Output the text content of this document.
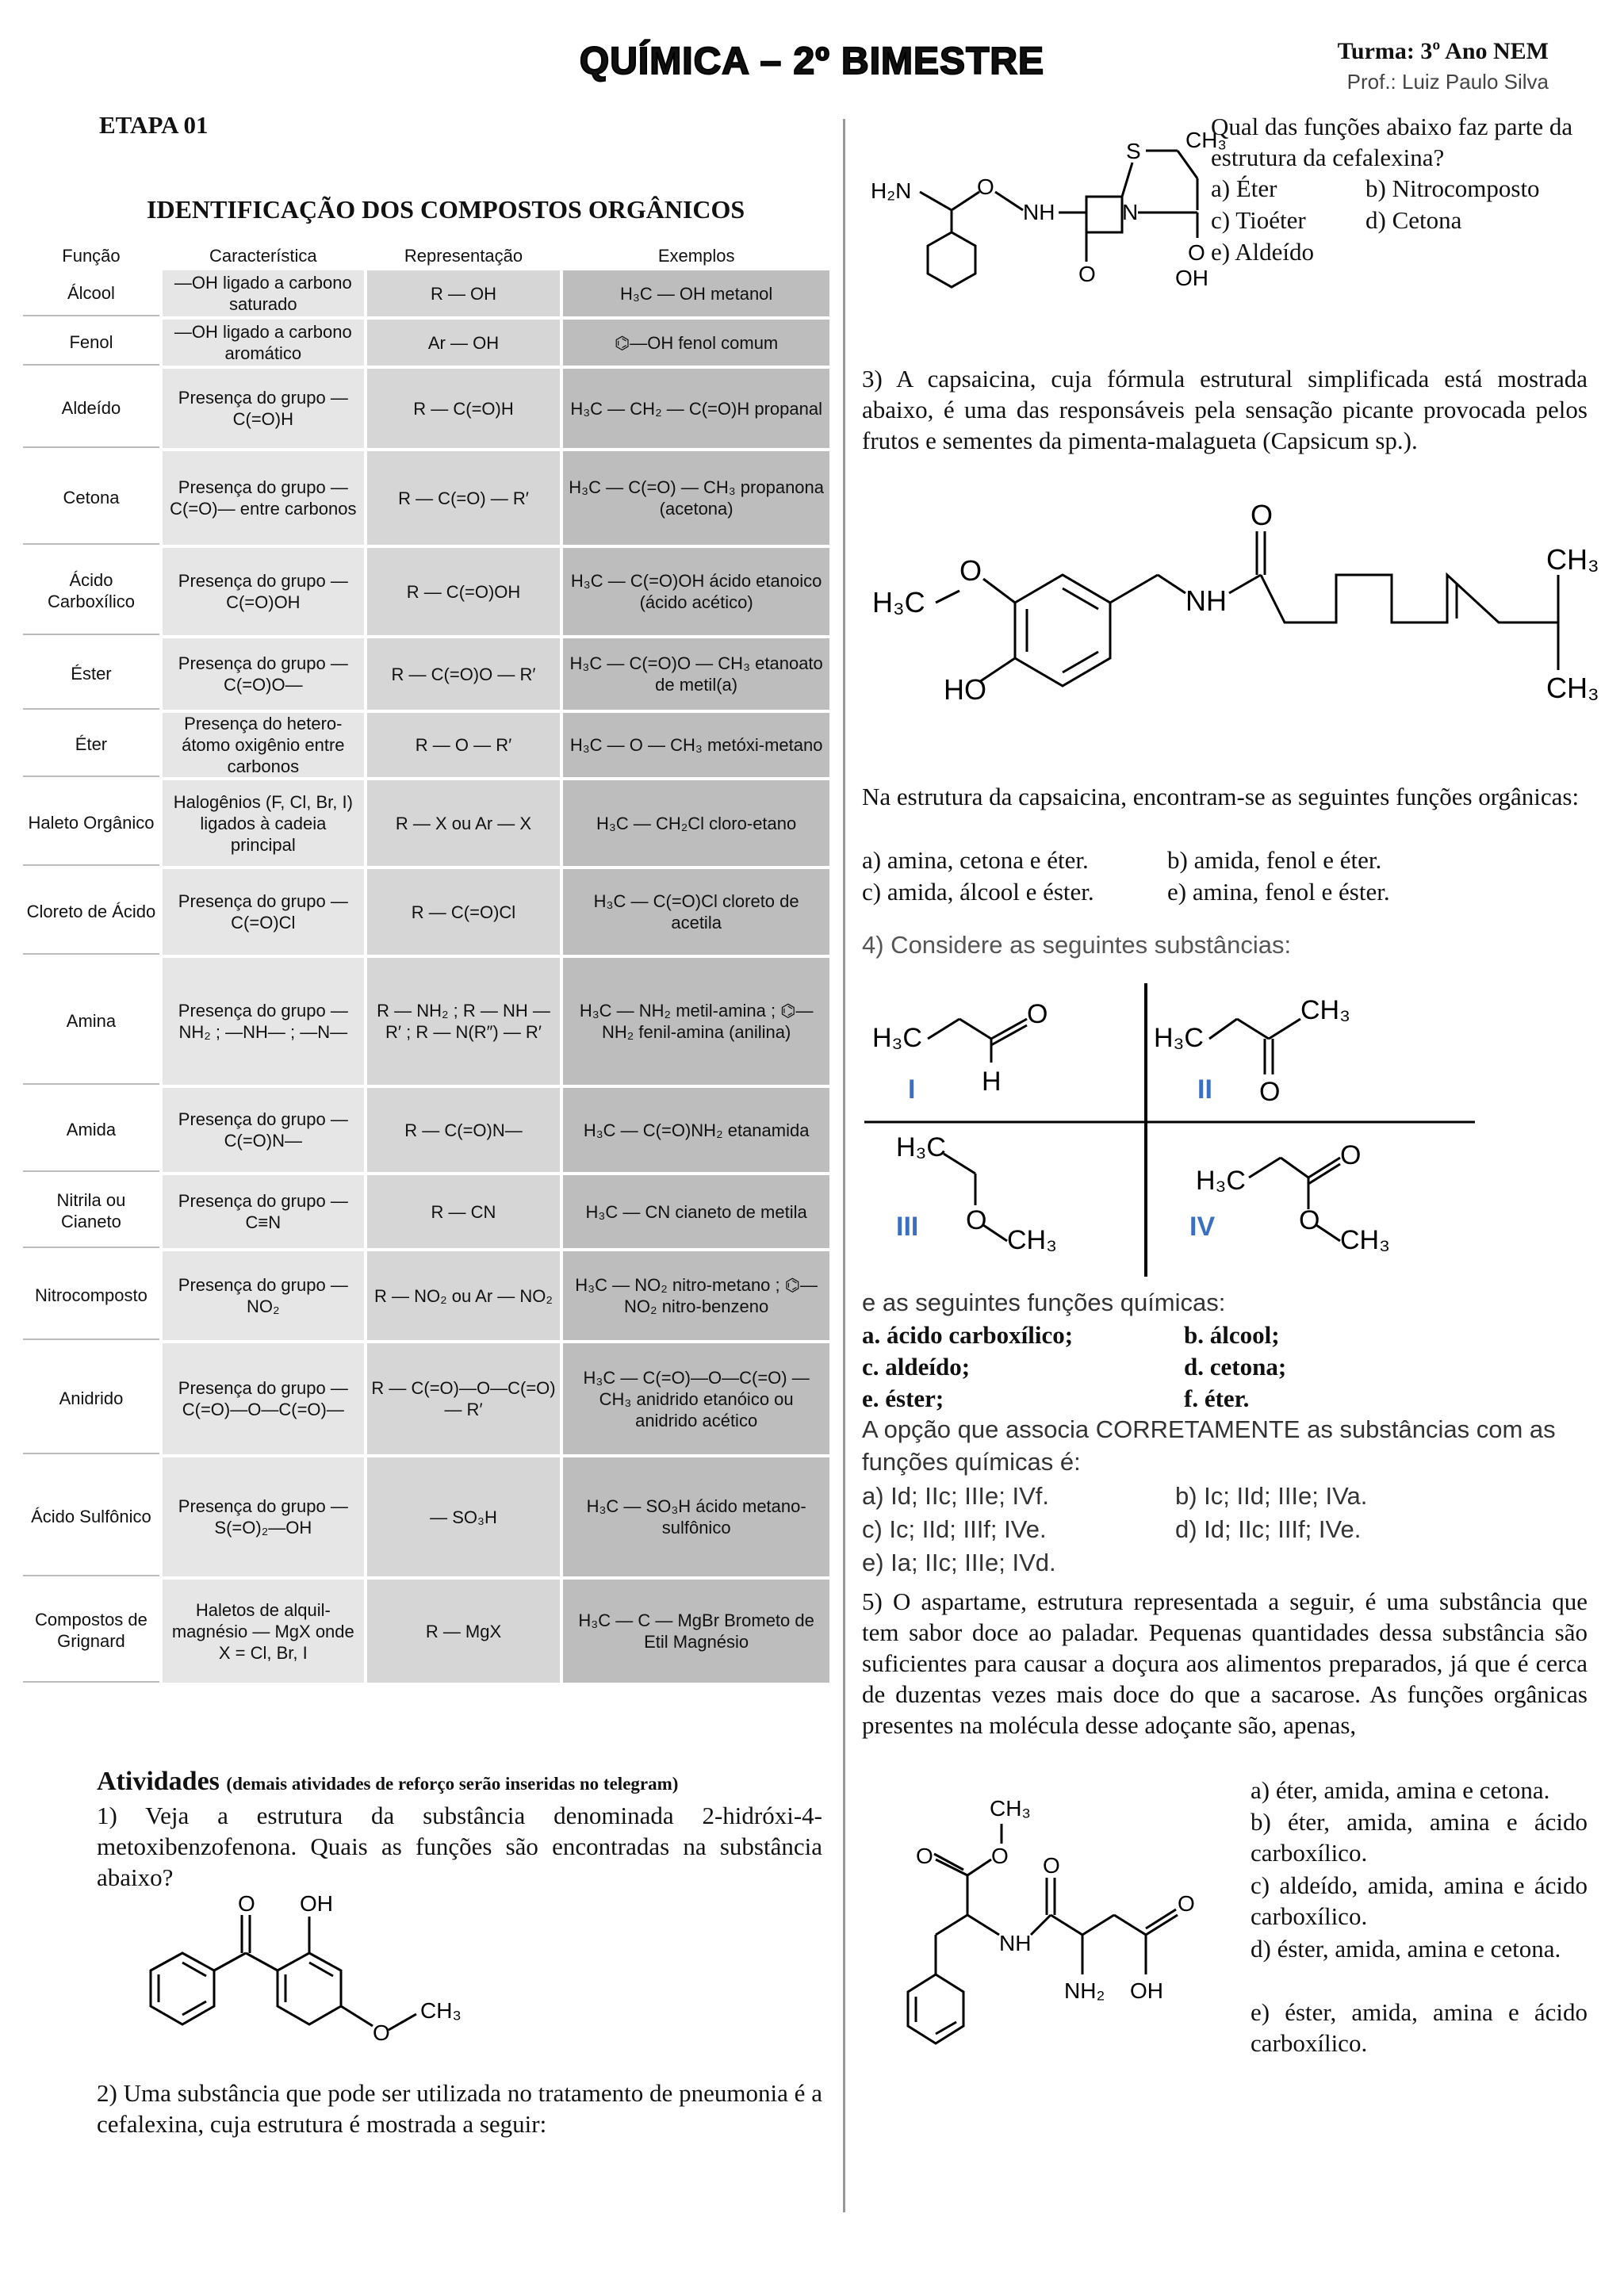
QUÍMICA – 2º BIMESTRE	Turma: 3º Ano NEM
Prof.: Luiz Paulo Silva
ETAPA 01
IDENTIFICAÇÃO DOS COMPOSTOS ORGÂNICOS
Função	Característica	Representação	Exemplos
Álcool	—OH ligado a carbono saturado	R — OH	H₃C — OH metanol
Fenol	—OH ligado a carbono aromático	Ar — OH	⌬—OH fenol comum
Aldeído	Presença do grupo —C(=O)H	R — C(=O)H	H₃C — CH₂ — C(=O)H propanal
Cetona	Presença do grupo —C(=O)— entre carbonos	R — C(=O) — R′	H₃C — C(=O) — CH₃ propanona (acetona)
Ácido Carboxílico	Presença do grupo —C(=O)OH	R — C(=O)OH	H₃C — C(=O)OH ácido etanoico (ácido acético)
Éster	Presença do grupo —C(=O)O—	R — C(=O)O — R′	H₃C — C(=O)O — CH₃ etanoato de metil(a)
Éter	Presença do hetero-átomo oxigênio entre carbonos	R — O — R′	H₃C — O — CH₃ metóxi-metano
Haleto Orgânico	Halogênios (F, Cl, Br, I) ligados à cadeia principal	R — X ou Ar — X	H₃C — CH₂Cl cloro-etano
Cloreto de Ácido	Presença do grupo —C(=O)Cl	R — C(=O)Cl	H₃C — C(=O)Cl cloreto de acetila
Amina	Presença do grupo —NH₂ ; —NH— ; —N—	R — NH₂ ; R — NH — R′ ; R — N(R″) — R′	H₃C — NH₂ metil-amina ; ⌬—NH₂ fenil-amina (anilina)
Amida	Presença do grupo —C(=O)N—	R — C(=O)N—	H₃C — C(=O)NH₂ etanamida
Nitrila ou Cianeto	Presença do grupo —C≡N	R — CN	H₃C — CN cianeto de metila
Nitrocomposto	Presença do grupo —NO₂	R — NO₂ ou Ar — NO₂	H₃C — NO₂ nitro-metano ; ⌬—NO₂ nitro-benzeno
Anidrido	Presença do grupo —C(=O)—O—C(=O)—	R — C(=O)—O—C(=O) — R′	H₃C — C(=O)—O—C(=O) — CH₃ anidrido etanóico ou anidrido acético
Ácido Sulfônico	Presença do grupo —S(=O)₂—OH	— SO₃H	H₃C — SO₃H ácido metano-sulfônico
Compostos de Grignard	Haletos de alquil-magnésio — MgX onde X = Cl, Br, I	R — MgX	H₃C — C — MgBr Brometo de Etil Magnésio
Atividades (demais atividades de reforço serão inseridas no telegram)
1) Veja a estrutura da substância denominada 2-hidróxi-4-metoxibenzofenona. Quais as funções são encontradas na substância abaixo?
O OH
O
CH₃
2) Uma substância que pode ser utilizada no tratamento de pneumonia é a cefalexina, cuja estrutura é mostrada a seguir:
H₂N	O
NH
O
N
S CH₃
O
OH
Qual das funções abaixo faz parte da estrutura da cefalexina?
a) Éter	b) Nitrocomposto
c) Tioéter d) Cetona
e) Aldeído
3) A capsaicina, cuja fórmula estrutural simplificada está mostrada abaixo, é uma das responsáveis pela sensação picante provocada pelos frutos e sementes da pimenta-malagueta (Capsicum sp.).
H₃C
O
HO
NH
O
CH₃
CH₃
Na estrutura da capsaicina, encontram-se as seguintes funções orgânicas:
a) amina, cetona e éter.	b) amida, fenol e éter.
c) amida, álcool e éster.	e) amina, fenol e éster.
4) Considere as seguintes substâncias:
H₃C
O
H
I
H₃C
CH₃
O
II
H₃C
O
CH₃
III
H₃C
O
O
CH₃
IV
e as seguintes funções químicas:
a. ácido carboxílico;	b. álcool;
c. aldeído;	d. cetona;
e. éster;	f. éter.
A opção que associa CORRETAMENTE as substâncias com as funções químicas é:
a) Id; IIc; IIIe; IVf.	b) Ic; IId; IIIe; IVa.
c) Ic; IId; IIIf; IVe.	d) Id; IIc; IIIf; IVe.
e) Ia; IIc; IIIe; IVd.
5) O aspartame, estrutura representada a seguir, é uma substância que tem sabor doce ao paladar. Pequenas quantidades dessa substância são suficientes para causar a doçura aos alimentos preparados, já que é cerca de duzentas vezes mais doce do que a sacarose. As funções orgânicas presentes na molécula desse adoçante são, apenas,
CH₃
O
O
NH
O
NH₂
O
OH
a) éter, amida, amina e cetona.
b) éter, amida, amina e ácido carboxílico.
c) aldeído, amida, amina e ácido carboxílico.
d) éster, amida, amina e cetona.
e) éster, amida, amina e ácido carboxílico.
